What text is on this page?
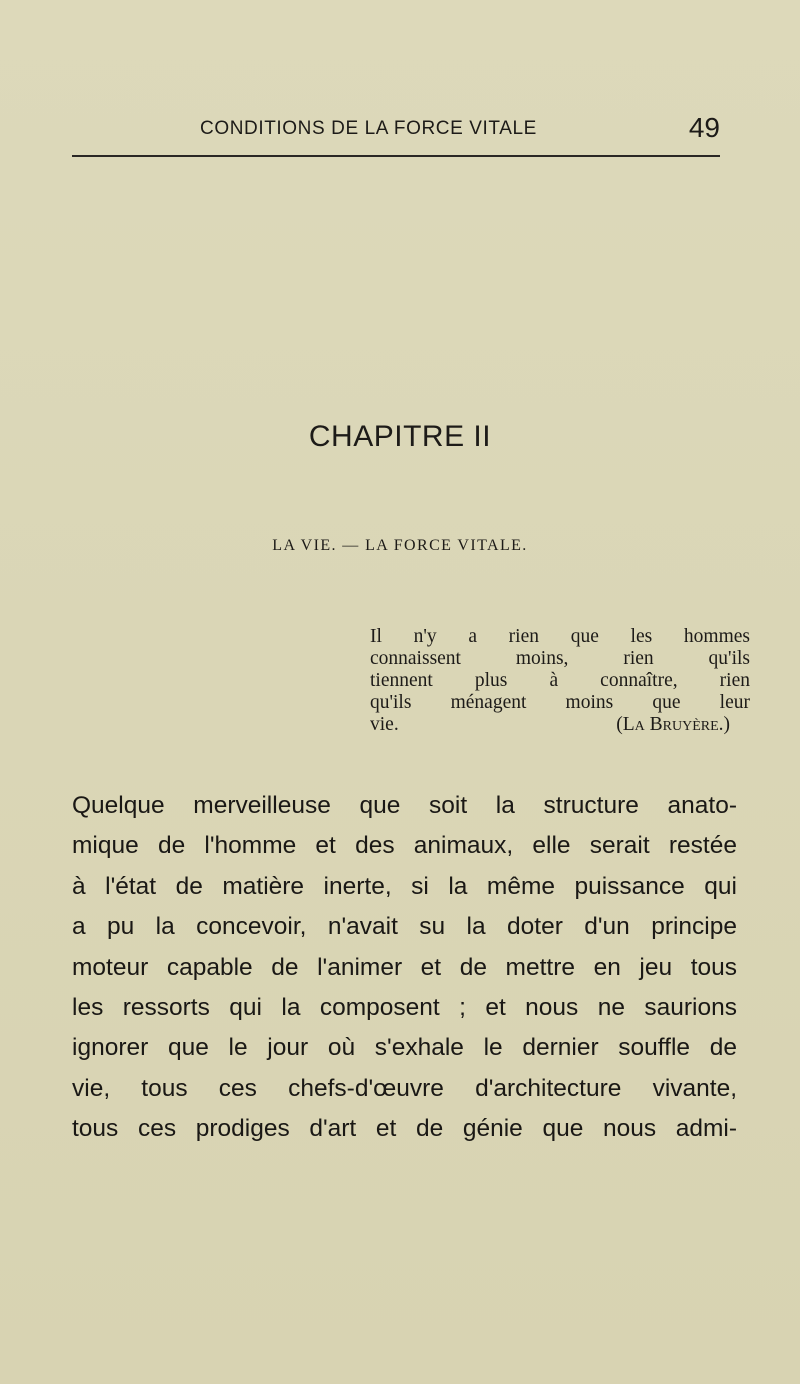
CONDITIONS DE LA FORCE VITALE	49
CHAPITRE II
LA VIE. — LA FORCE VITALE.
Il n'y a rien que les hommes
connaissent moins, rien qu'ils
tiennent plus à connaître, rien
qu'ils ménagent moins que leur
vie.	(La Bruyère.)
Quelque merveilleuse que soit la structure anato-
mique de l'homme et des animaux, elle serait restée
à l'état de matière inerte, si la même puissance qui
a pu la concevoir, n'avait su la doter d'un principe
moteur capable de l'animer et de mettre en jeu tous
les ressorts qui la composent ; et nous ne saurions
ignorer que le jour où s'exhale le dernier souffle de
vie, tous ces chefs-d'œuvre d'architecture vivante,
tous ces prodiges d'art et de génie que nous admi-
